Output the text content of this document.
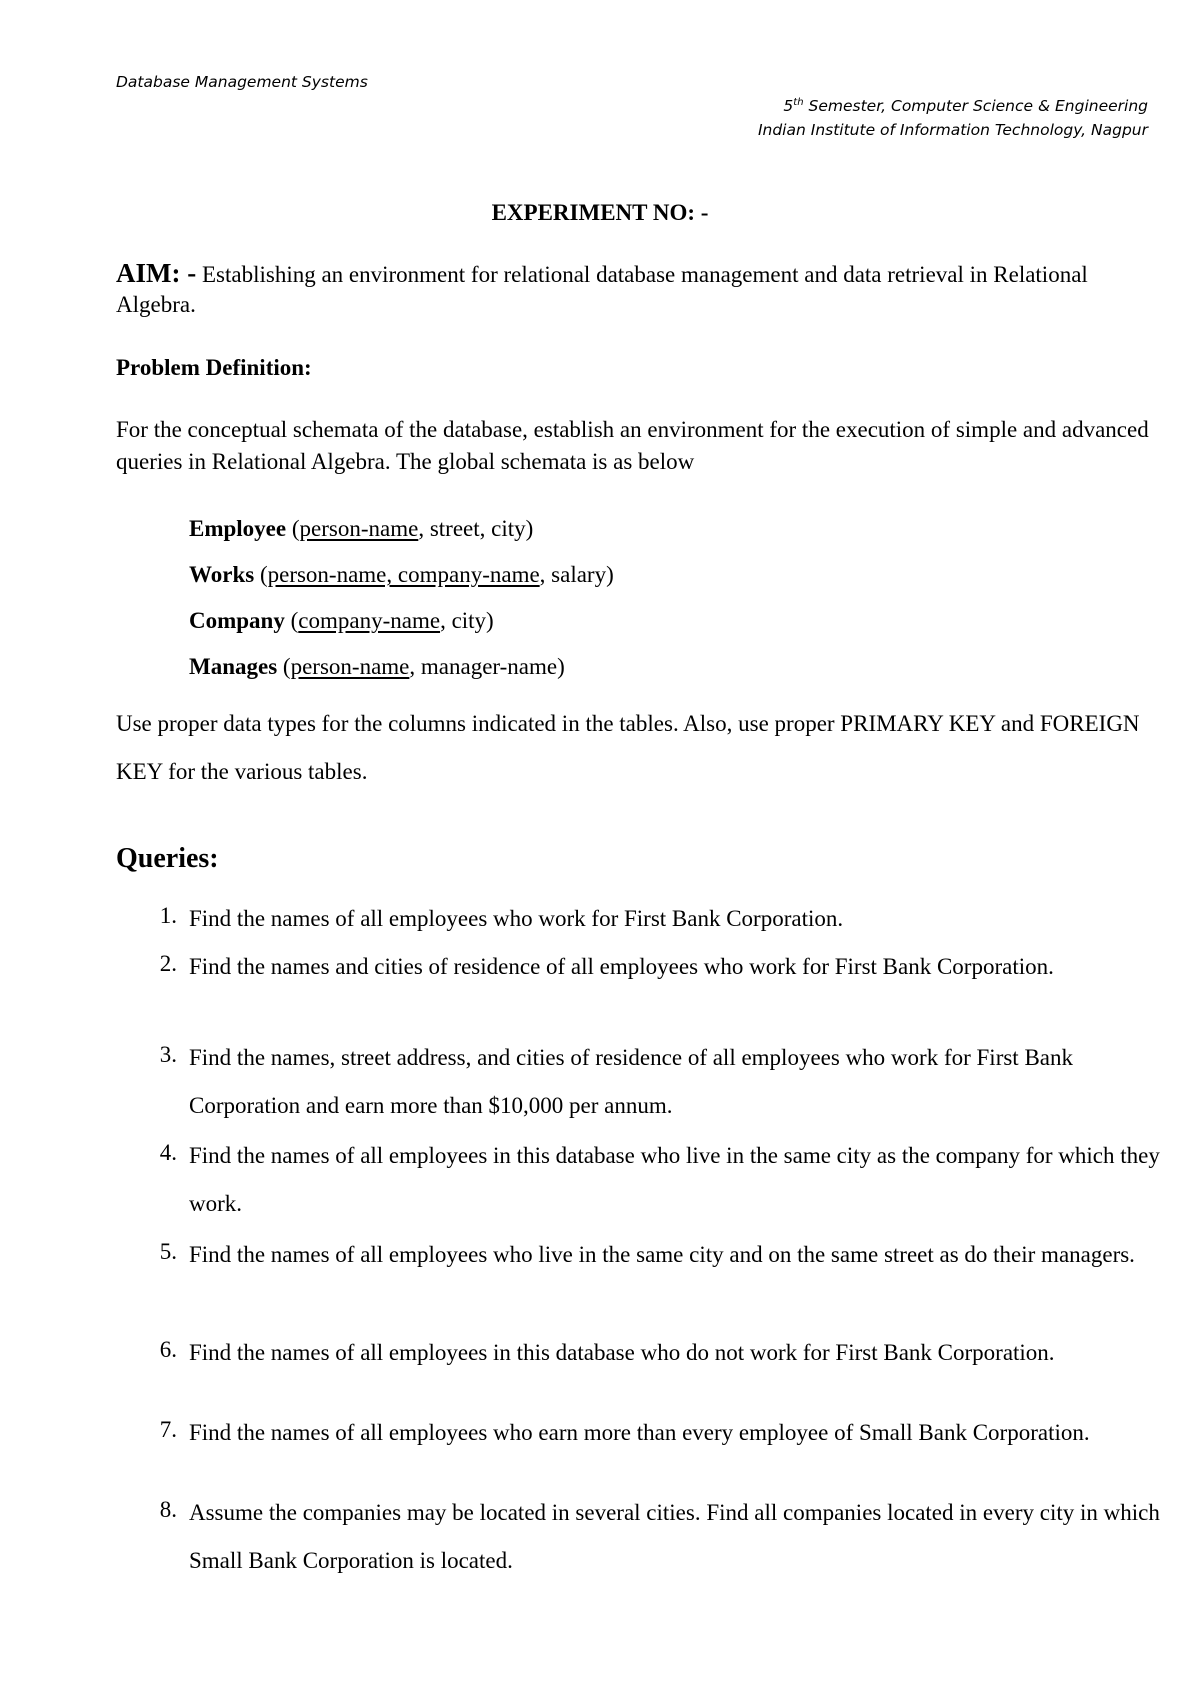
Database Management Systems
5th Semester, Computer Science & Engineering
Indian Institute of Information Technology, Nagpur
EXPERIMENT NO: -
AIM: - Establishing an environment for relational database management and data retrieval in Relational Algebra.
Problem Definition:
For the conceptual schemata of the database, establish an environment for the execution of simple and advanced queries in Relational Algebra. The global schemata is as below
Employee (person-name, street, city)
Works (person-name, company-name, salary)
Company (company-name, city)
Manages (person-name, manager-name)
Use proper data types for the columns indicated in the tables. Also, use proper PRIMARY KEY and FOREIGN KEY for the various tables.
Queries:
1. Find the names of all employees who work for First Bank Corporation.
2. Find the names and cities of residence of all employees who work for First Bank Corporation.
3. Find the names, street address, and cities of residence of all employees who work for First Bank Corporation and earn more than $10,000 per annum.
4. Find the names of all employees in this database who live in the same city as the company for which they work.
5. Find the names of all employees who live in the same city and on the same street as do their managers.
6. Find the names of all employees in this database who do not work for First Bank Corporation.
7. Find the names of all employees who earn more than every employee of Small Bank Corporation.
8. Assume the companies may be located in several cities. Find all companies located in every city in which Small Bank Corporation is located.
